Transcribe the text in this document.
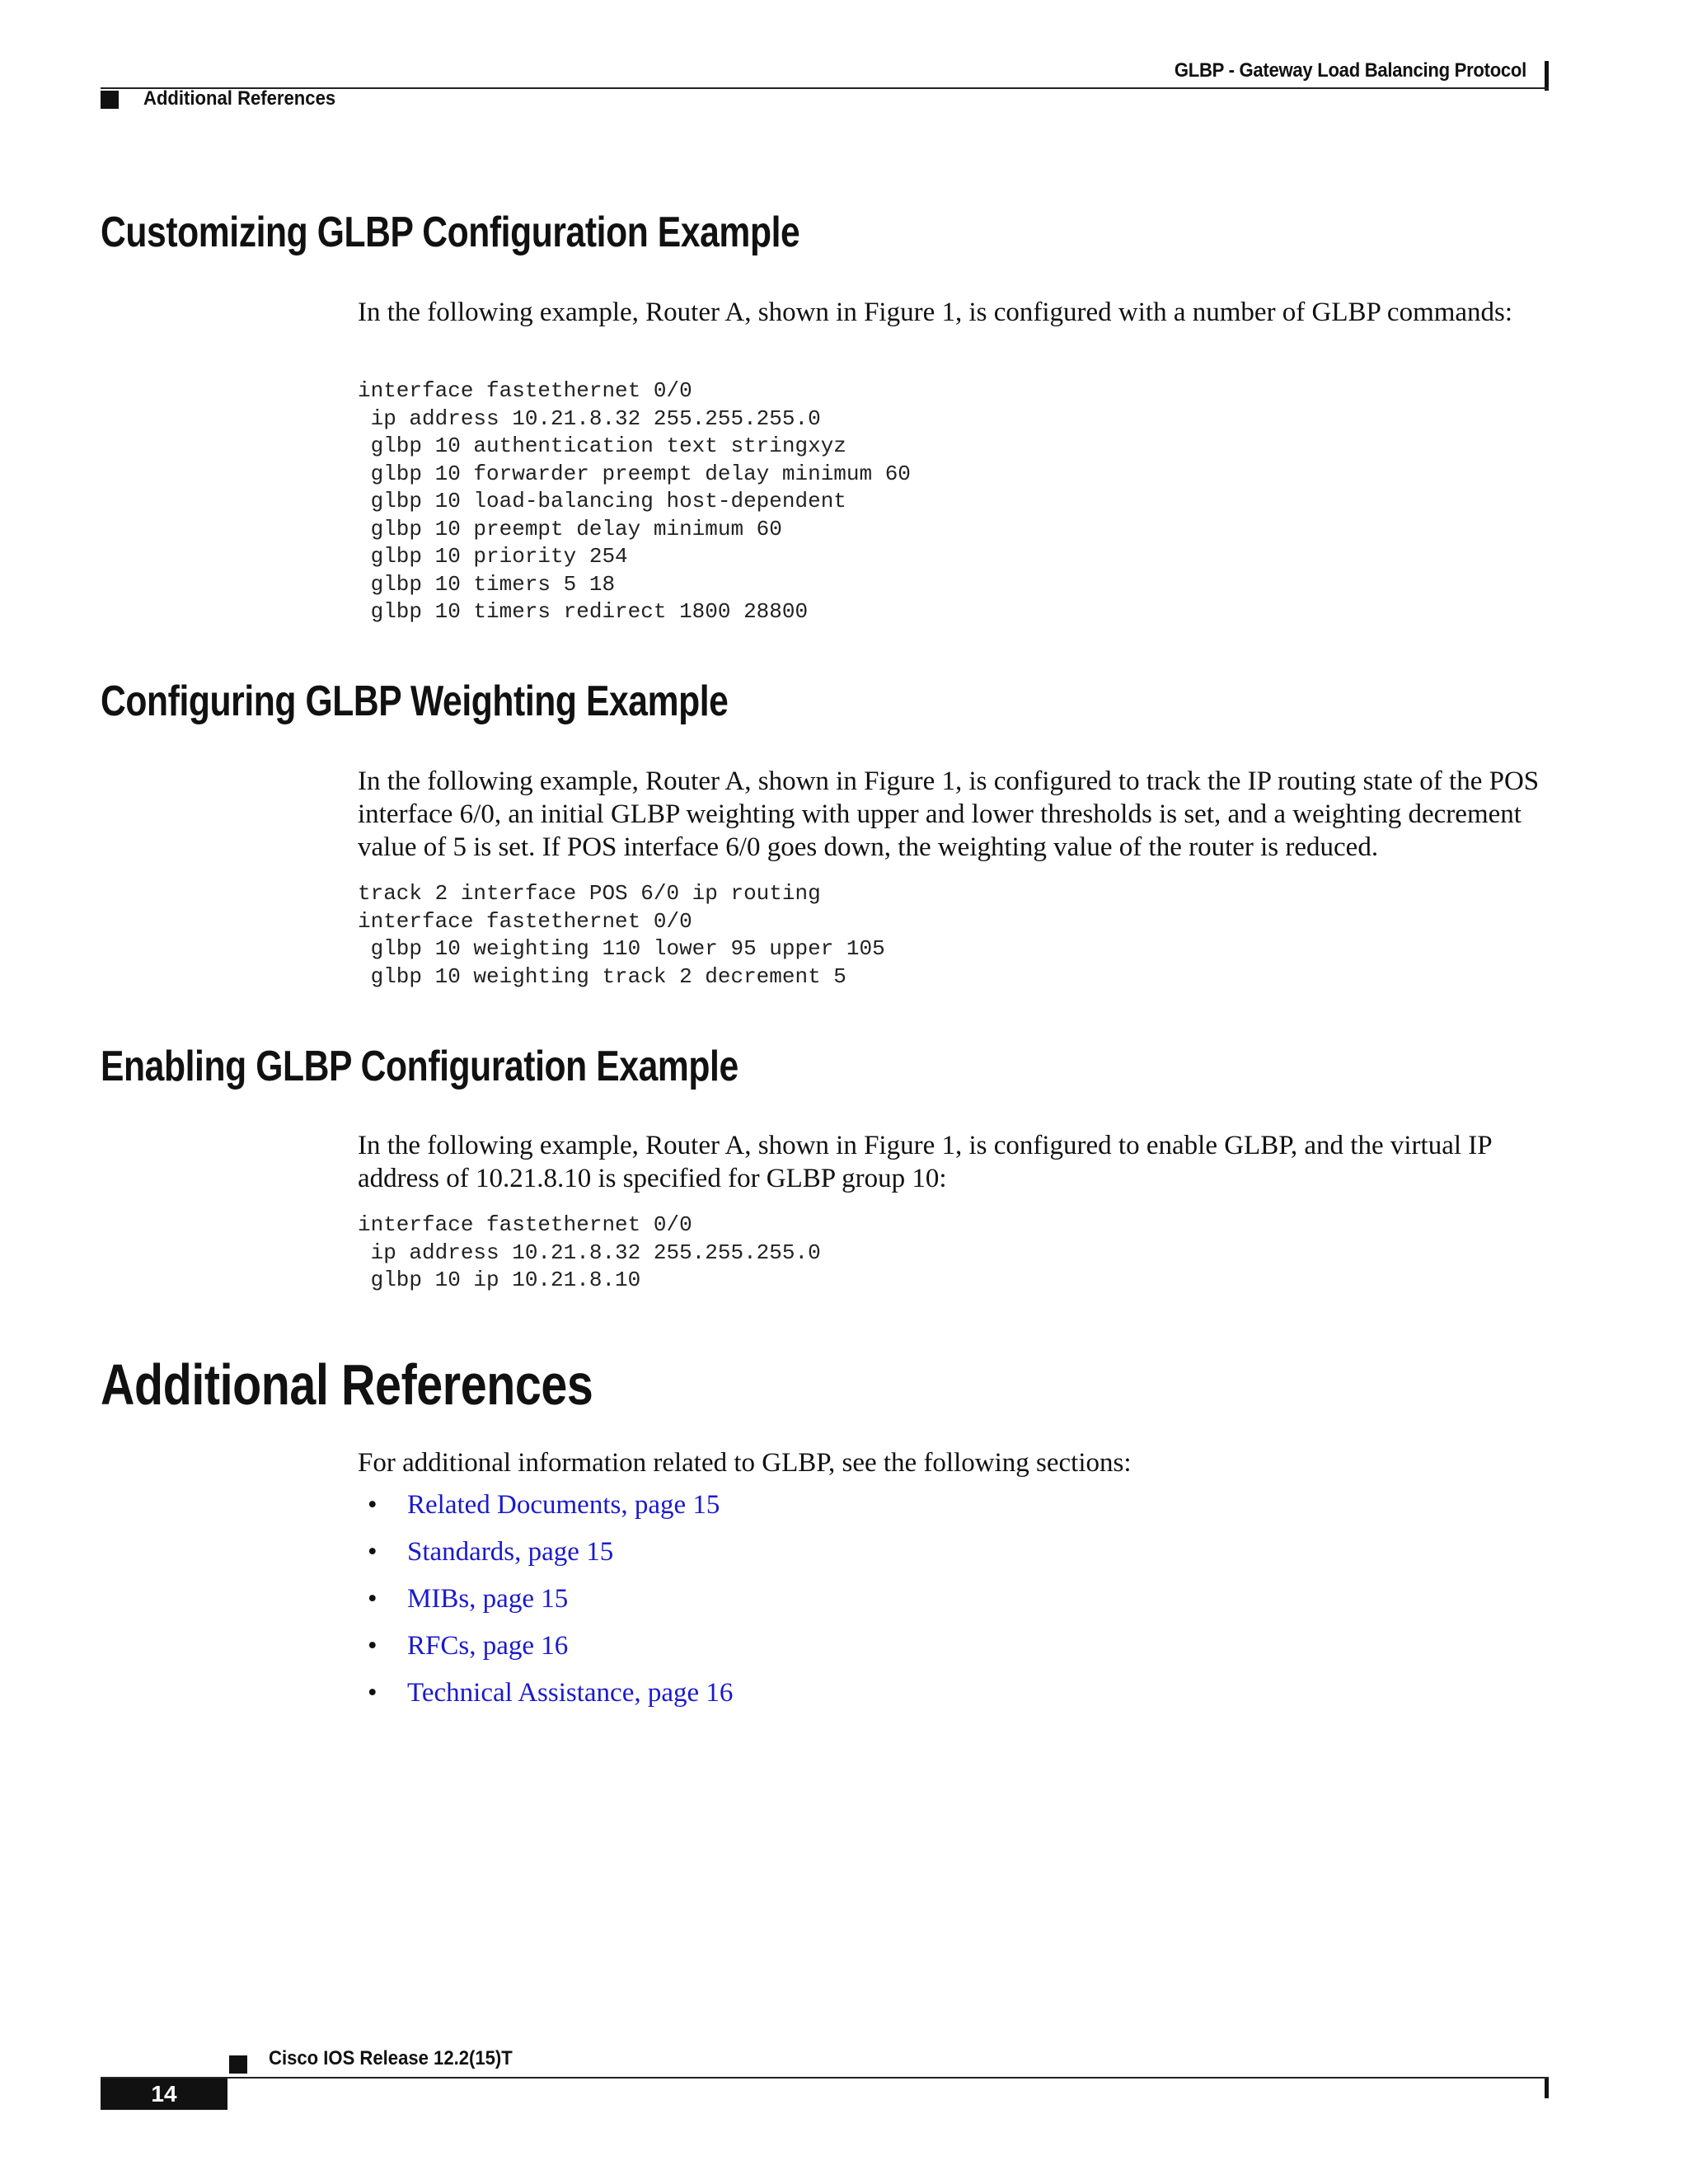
GLBP - Gateway Load Balancing Protocol
Additional References
Customizing GLBP Configuration Example
In the following example, Router A, shown in Figure 1, is configured with a number of GLBP commands:
interface fastethernet 0/0
ip address 10.21.8.32 255.255.255.0
glbp 10 authentication text stringxyz
glbp 10 forwarder preempt delay minimum 60
glbp 10 load-balancing host-dependent
glbp 10 preempt delay minimum 60
glbp 10 priority 254
glbp 10 timers 5 18
glbp 10 timers redirect 1800 28800
Configuring GLBP Weighting Example
In the following example, Router A, shown in Figure 1, is configured to track the IP routing state of the POS interface 6/0, an initial GLBP weighting with upper and lower thresholds is set, and a weighting decrement value of 5 is set. If POS interface 6/0 goes down, the weighting value of the router is reduced.
track 2 interface POS 6/0 ip routing
interface fastethernet 0/0
glbp 10 weighting 110 lower 95 upper 105
glbp 10 weighting track 2 decrement 5
Enabling GLBP Configuration Example
In the following example, Router A, shown in Figure 1, is configured to enable GLBP, and the virtual IP address of 10.21.8.10 is specified for GLBP group 10:
interface fastethernet 0/0
ip address 10.21.8.32 255.255.255.0
glbp 10 ip 10.21.8.10
Additional References
For additional information related to GLBP, see the following sections:
• Related Documents, page 15
• Standards, page 15
• MIBs, page 15
• RFCs, page 16
• Technical Assistance, page 16
Cisco IOS Release 12.2(15)T
14
